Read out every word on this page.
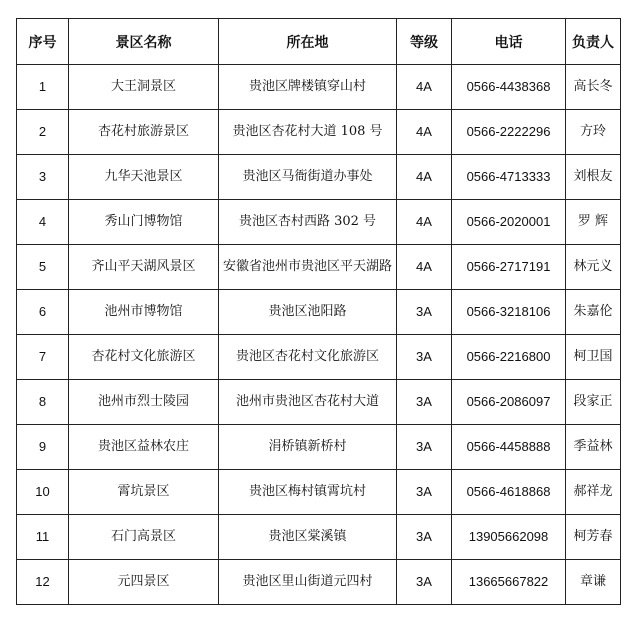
序号	景区名称	所在地	等级	电话	负责人
1	大王洞景区	贵池区牌楼镇穿山村	4A	0566-4438368	高长冬
2	杏花村旅游景区	贵池区杏花村大道 108 号	4A	0566-2222296	方玲
3	九华天池景区	贵池区马衙街道办事处	4A	0566-4713333	刘根友
4	秀山门博物馆	贵池区杏村西路 302 号	4A	0566-2020001	罗 辉
5	齐山平天湖风景区	安徽省池州市贵池区平天湖路	4A	0566-2717191	林元义
6	池州市博物馆	贵池区池阳路	3A	0566-3218106	朱嘉伦
7	杏花村文化旅游区	贵池区杏花村文化旅游区	3A	0566-2216800	柯卫国
8	池州市烈士陵园	池州市贵池区杏花村大道	3A	0566-2086097	段家正
9	贵池区益林农庄	涓桥镇新桥村	3A	0566-4458888	季益林
10	霄坑景区	贵池区梅村镇霄坑村	3A	0566-4618868	郝祥龙
11	石门高景区	贵池区棠溪镇	3A	13905662098	柯芳春
12	元四景区	贵池区里山街道元四村	3A	13665667822	章谦
